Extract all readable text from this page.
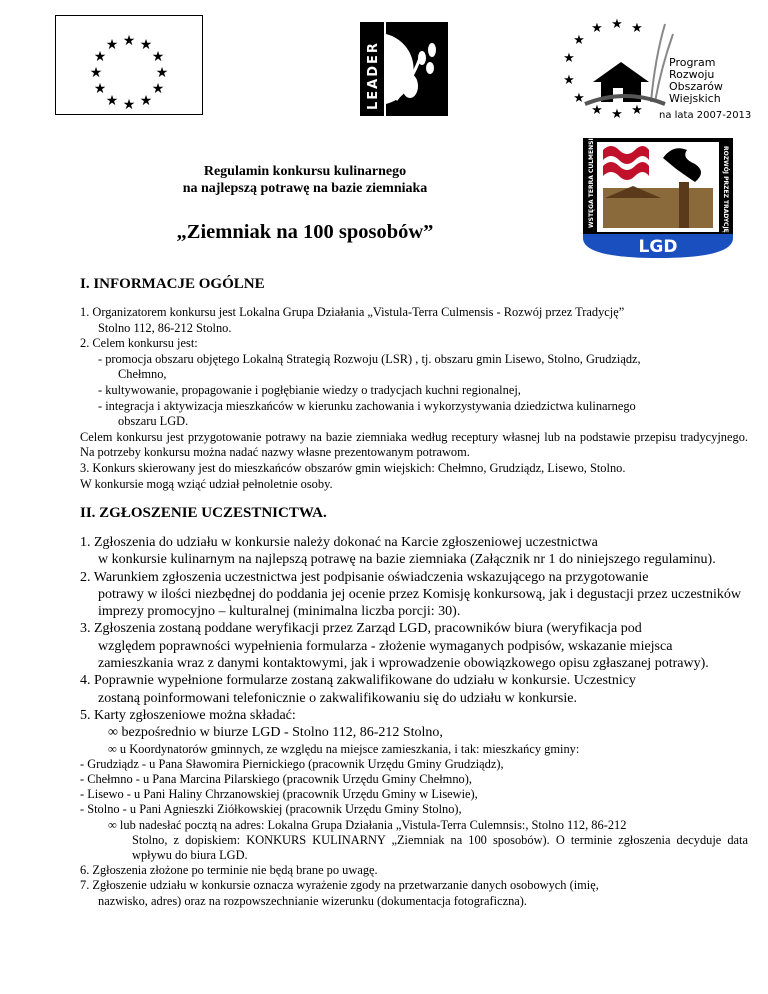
★ ★
★
★
★
★
★
★
★
★
★
★	LEADER	★
★
★ ★ ★
★
★
★ ★ ★
Program
Rozwoju
Obszarów
Wiejskich
na lata 2007-2013
WSTĘGA TERRA CULMENSIS	ROZWÓJ PRZEZ TRADYCJĘ
LGD

Regulamin konkursu kulinarnego

na najlepszą potrawę na bazie ziemniaka

„Ziemniak na 100 sposobów”
I. INFORMACJE OGÓLNE

1. Organizatorem konkursu jest Lokalna Grupa Działania „Vistula-Terra Culmensis - Rozwój przez Tradycję”

Stolno 112, 86-212 Stolno.

2. Celem konkursu jest:

- promocja obszaru objętego Lokalną Strategią Rozwoju (LSR) , tj. obszaru gmin Lisewo, Stolno, Grudziądz,

Chełmno,

- kultywowanie, propagowanie i pogłębianie wiedzy o tradycjach kuchni regionalnej,

- integracja i aktywizacja mieszkańców w kierunku zachowania i wykorzystywania dziedzictwa kulinarnego

obszaru LGD.

Celem konkursu jest przygotowanie potrawy na bazie ziemniaka według receptury własnej lub na podstawie przepisu tradycyjnego. Na potrzeby konkursu można nadać nazwy własne prezentowanym potrawom.

3. Konkurs skierowany jest do mieszkańców obszarów gmin wiejskich: Chełmno, Grudziądz, Lisewo, Stolno.

W konkursie mogą wziąć udział pełnoletnie osoby.

II. ZGŁOSZENIE UCZESTNICTWA.

1. Zgłoszenia do udziału w konkursie należy dokonać na Karcie zgłoszeniowej uczestnictwa

w konkursie kulinarnym na najlepszą potrawę na bazie ziemniaka (Załącznik nr 1 do niniejszego regulaminu).

2. Warunkiem zgłoszenia uczestnictwa jest podpisanie oświadczenia wskazującego na przygotowanie

potrawy w ilości niezbędnej do poddania jej ocenie przez Komisję konkursową, jak i degustacji przez uczestników imprezy promocyjno – kulturalnej (minimalna liczba porcji: 30).

3. Zgłoszenia zostaną poddane weryfikacji przez Zarząd LGD, pracowników biura (weryfikacja pod

względem poprawności wypełnienia formularza - złożenie wymaganych podpisów, wskazanie miejsca zamieszkania wraz z danymi kontaktowymi, jak i wprowadzenie obowiązkowego opisu zgłaszanej potrawy).

4. Poprawnie wypełnione formularze zostaną zakwalifikowane do udziału w konkursie. Uczestnicy

zostaną poinformowani telefonicznie o zakwalifikowaniu się do udziału w konkursie.

5. Karty zgłoszeniowe można składać:

∞ bezpośrednio w biurze LGD - Stolno 112, 86-212 Stolno,

∞ u Koordynatorów gminnych, ze względu na miejsce zamieszkania, i tak: mieszkańcy gminy:

- Grudziądz - u Pana Sławomira Piernickiego (pracownik Urzędu Gminy Grudziądz),

- Chełmno - u Pana Marcina Pilarskiego (pracownik Urzędu Gminy Chełmno),

- Lisewo - u Pani Haliny Chrzanowskiej (pracownik Urzędu Gminy w Lisewie),

- Stolno - u Pani Agnieszki Ziółkowskiej (pracownik Urzędu Gminy Stolno),

∞ lub nadesłać pocztą na adres: Lokalna Grupa Działania „Vistula-Terra Culemnsis:, Stolno 112, 86-212

Stolno, z dopiskiem: KONKURS KULINARNY „Ziemniak na 100 sposobów). O terminie zgłoszenia decyduje data wpływu do biura LGD.

6. Zgłoszenia złożone po terminie nie będą brane po uwagę.

7. Zgłoszenie udziału w konkursie oznacza wyrażenie zgody na przetwarzanie danych osobowych (imię,

nazwisko, adres) oraz na rozpowszechnianie wizerunku (dokumentacja fotograficzna).
